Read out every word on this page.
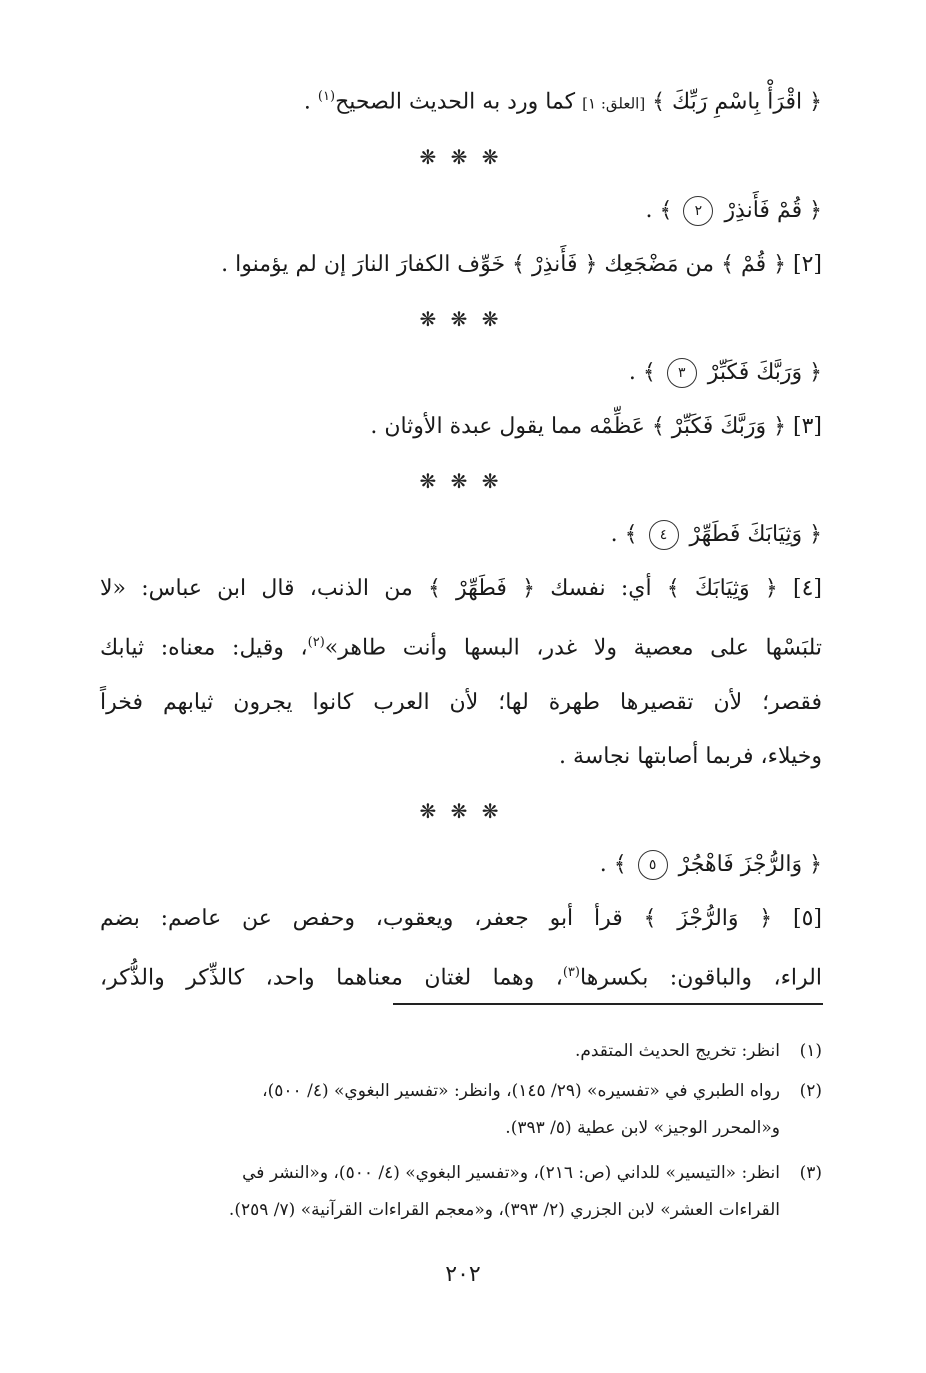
﴿ اقْرَأْ بِاسْمِ رَبِّكَ ﴾ [العلق: ١] كما ورد به الحديث الصحيح$^{(١)}$ .
❋ ❋ ❋
﴿ قُمْ فَأَنذِرْ ٢ ﴾ .
[٢] ﴿ قُمْ ﴾ من مَضْجَعِك ﴿ فَأَنذِرْ ﴾ خَوِّف الكفارَ النارَ إن لم يؤمنوا .
❋ ❋ ❋
﴿ وَرَبَّكَ فَكَبِّرْ ٣ ﴾ .
[٣] ﴿ وَرَبَّكَ فَكَبِّرْ ﴾ عَظِّمْه مما يقول عبدة الأوثان .
❋ ❋ ❋
﴿ وَثِيَابَكَ فَطَهِّرْ ٤ ﴾ .
[٤] ﴿ وَثِيَابَكَ ﴾ أي: نفسك ﴿ فَطَهِّرْ ﴾ من الذنب، قال ابن عباس: «لا
تلبَسْها على معصية ولا غدر، البسها وأنت طاهر»$^{(٢)}$، وقيل: معناه: ثيابك
فقصر؛ لأن تقصيرها طهرة لها؛ لأن العرب كانوا يجرون ثيابهم فخراً
وخيلاء، فربما أصابتها نجاسة .
❋ ❋ ❋
﴿ وَالرُّجْزَ فَاهْجُرْ ٥ ﴾ .
[٥] ﴿ وَالرُّجْزَ ﴾ قرأ أبو جعفر، ويعقوب، وحفص عن عاصم: بضم
الراء، والباقون: بكسرها$^{(٣)}$، وهما لغتان معناهما واحد، كالذِّكر والذُّكر،
(١)انظر: تخريج الحديث المتقدم.
(٢)رواه الطبري في «تفسيره» (٢٩/ ١٤٥)، وانظر: «تفسير البغوي» (٤/ ٥٠٠)،
و«المحرر الوجيز» لابن عطية (٥/ ٣٩٣).
(٣)انظر: «التيسير» للداني (ص: ٢١٦)، و«تفسير البغوي» (٤/ ٥٠٠)، و«النشر في
القراءات العشر» لابن الجزري (٢/ ٣٩٣)، و«معجم القراءات القرآنية» (٧/ ٢٥٩).
٢٠٢
